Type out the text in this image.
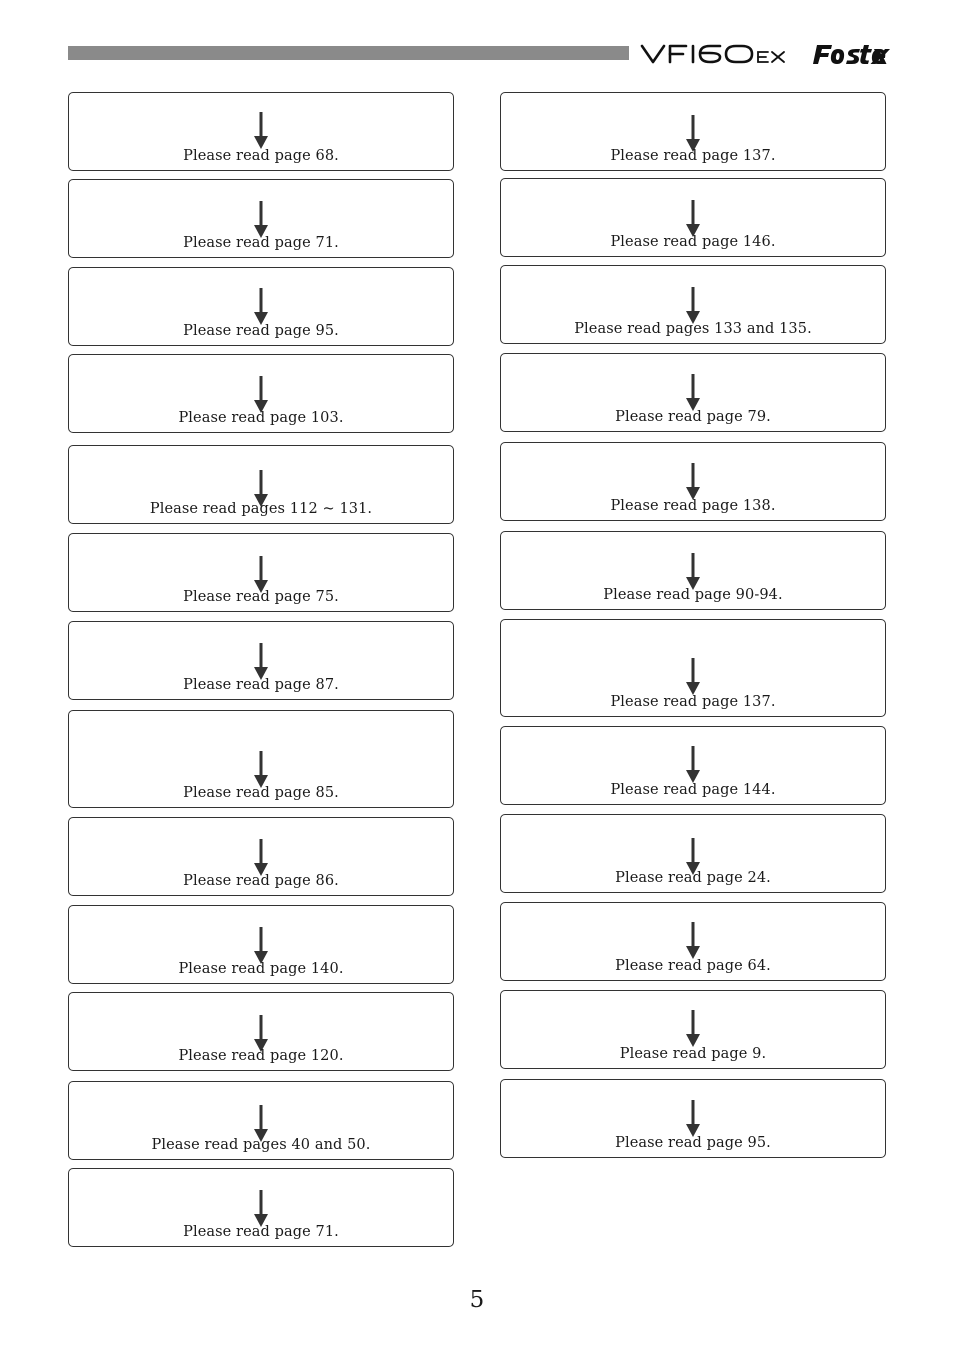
Please read page 68.
Please read page 71.
Please read page 95.
Please read page 103.
Please read pages 112 ~ 131.
Please read page 75.
Please read page 87.
Please read page 85.
Please read page 86.
Please read page 140.
Please read page 120.
Please read pages 40 and 50.
Please read page 71.
Please read page 137.
Please read page 146.
Please read pages 133 and 135.
Please read page 79.
Please read page 138.
Please read page 90-94.
Please read page 137.
Please read page 144.
Please read page 24.
Please read page 64.
Please read page 9.
Please read page 95.
5
